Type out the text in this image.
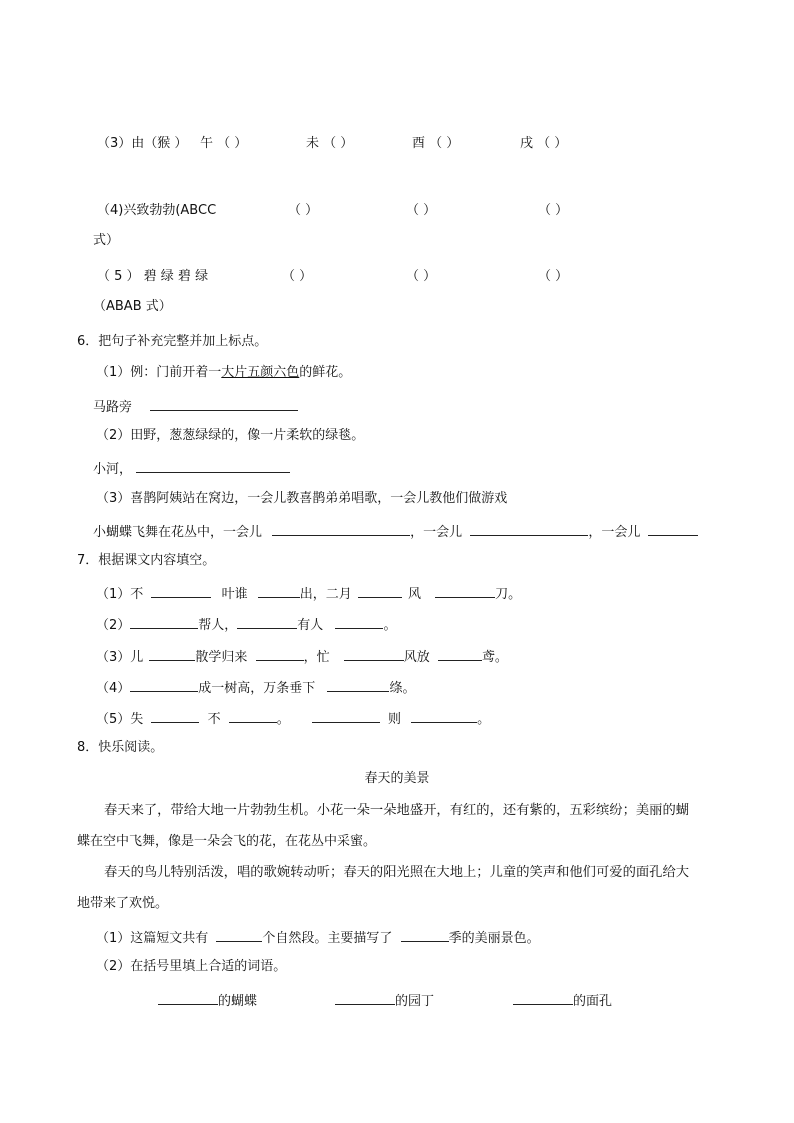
（3）由（猴 ） 午 （ ）	未 （ ）	酉 （ ）	戌 （ ）
（4)兴致勃勃(ABCC	（ ）	（ ）	（ ）
式）
（ 5 ） 碧 绿 碧 绿	（ ）	（ ）	（ ）
（ABAB 式）
6．把句子补充完整并加上标点。
（1）例：门前开着一大片五颜六色的鲜花。
马路旁
（2）田野，葱葱绿绿的，像一片柔软的绿毯。
小河，
（3）喜鹊阿姨站在窝边，一会儿教喜鹊弟弟唱歌，一会儿教他们做游戏
小蝴蝶飞舞在花丛中，一会儿	，一会儿	，一会儿
7．根据课文内容填空。
（1）不	叶谁	出，二月	风	刀。
（2）	帮人，	有人	。
（3）儿	散学归来	，忙	风放	鸢。
（4）	成一树高，万条垂下	绦。
（5）失	不	。	则	。
8．快乐阅读。
春天的美景
春天来了，带给大地一片勃勃生机。小花一朵一朵地盛开，有红的，还有紫的，五彩缤纷；美丽的蝴
蝶在空中飞舞，像是一朵会飞的花，在花丛中采蜜。
春天的鸟儿特别活泼，唱的歌婉转动听；春天的阳光照在大地上；儿童的笑声和他们可爱的面孔给大
地带来了欢悦。
（1）这篇短文共有	个自然段。主要描写了	季的美丽景色。
（2）在括号里填上合适的词语。
的蝴蝶	的园丁	的面孔
